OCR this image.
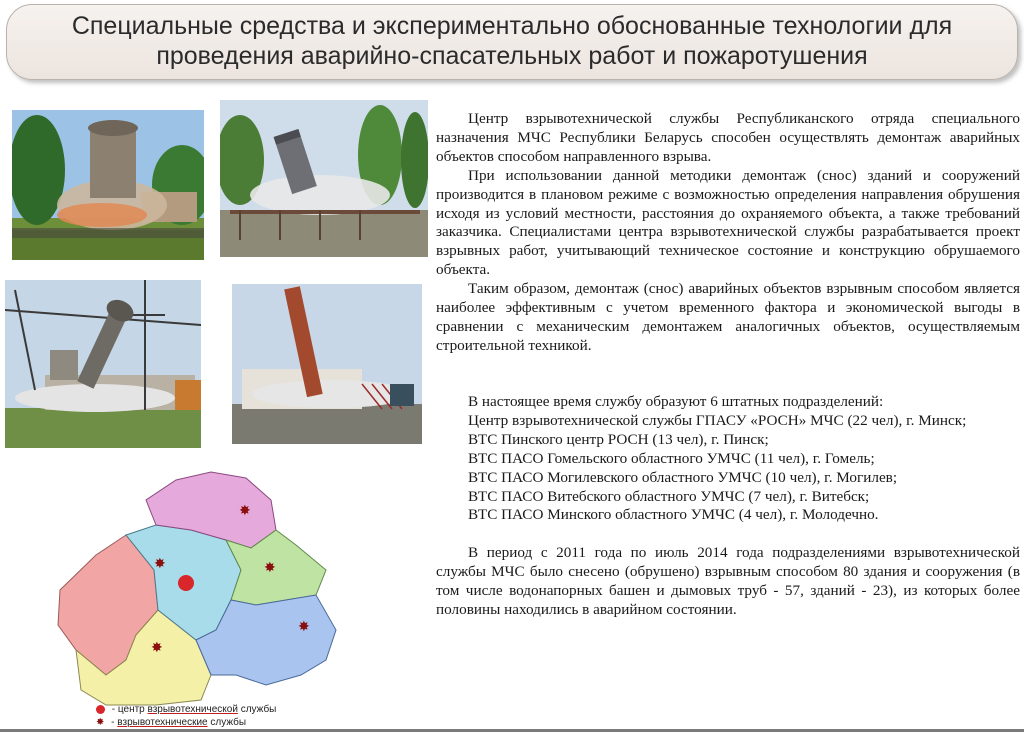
Специальные средства и экспериментально обоснованные технологии для
проведения аварийно-спасательных работ и пожаротушения

Центр взрывотехнической службы Республиканского отряда специального назначения МЧС Республики Беларусь способен осуществлять демонтаж аварийных объектов способом направленного взрыва.

При использовании данной методики демонтаж (снос) зданий и сооружений производится в плановом режиме с возможностью определения направления обрушения исходя из условий местности, расстояния до охраняемого объекта, а также требований заказчика. Специалистами центра взрывотехнической службы разрабатывается проект взрывных работ, учитывающий техническое состояние и конструкцию обрушаемого объекта.

Таким образом, демонтаж (снос) аварийных объектов взрывным способом является наиболее эффективным с учетом временного фактора и экономической выгоды в сравнении с механическим демонтажем аналогичных объектов, осуществляемым строительной техникой.

В настоящее время службу образуют 6 штатных подразделений:
Центр взрывотехнической службы ГПАСУ «РОСН» МЧС (22 чел), г. Минск;
ВТС Пинского центр РОСН (13 чел), г. Пинск;
ВТС ПАСО Гомельского областного УМЧС (11 чел), г. Гомель;
ВТС ПАСО Могилевского областного УМЧС (10 чел), г. Могилев;
ВТС ПАСО Витебского областного УМЧС (7 чел), г. Витебск;
ВТС ПАСО Минского областного УМЧС (4 чел), г. Молодечно.

В период с 2011 года по июль 2014 года подразделениями взрывотехнической службы МЧС было снесено (обрушено) взрывным способом 80 здания и сооружения (в том числе водонапорных башен и дымовых труб - 57, зданий - 23), из которых более половины находились в аварийном состоянии.

✸
✸	✸
✸
✸
- центр взрывотехнической службы
✸ - взрывотехнические службы
